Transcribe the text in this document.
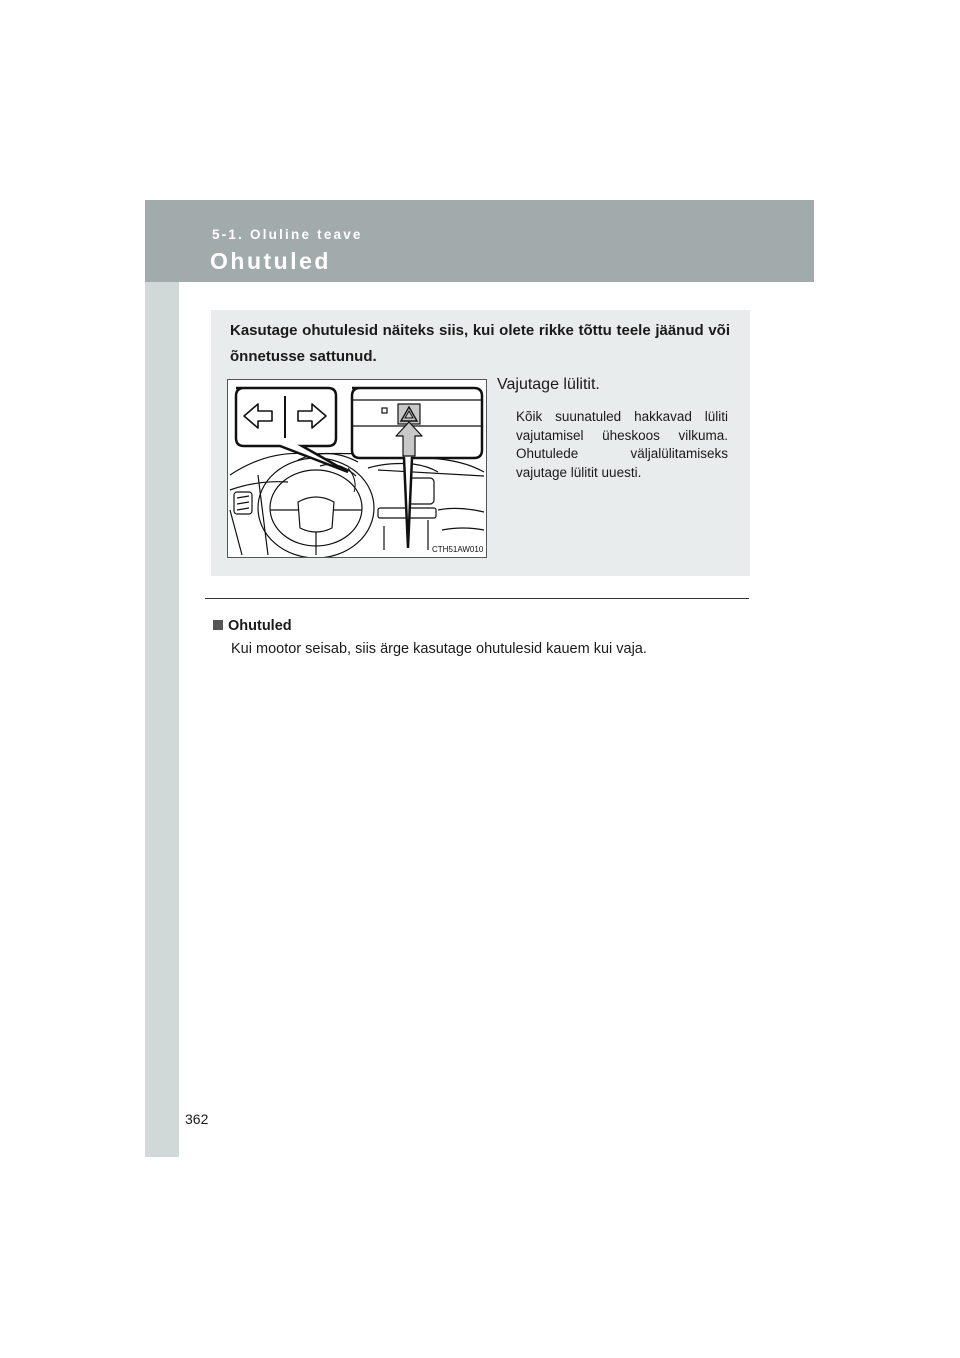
5-1. Oluline teave
Ohutuled

Kasutage ohutulesid näiteks siis, kui olete rikke tõttu teele jäänud või õnnetusse sattunud.

CTH51AW010
Vajutage lülitit.

Kõik suunatuled hakkavad lüliti vajutamisel üheskoos vilkuma. Ohutulede väljalülitamiseks vajutage lülitit uuesti.

Ohutuled

Kui mootor seisab, siis ärge kasutage ohutulesid kauem kui vaja.

362
